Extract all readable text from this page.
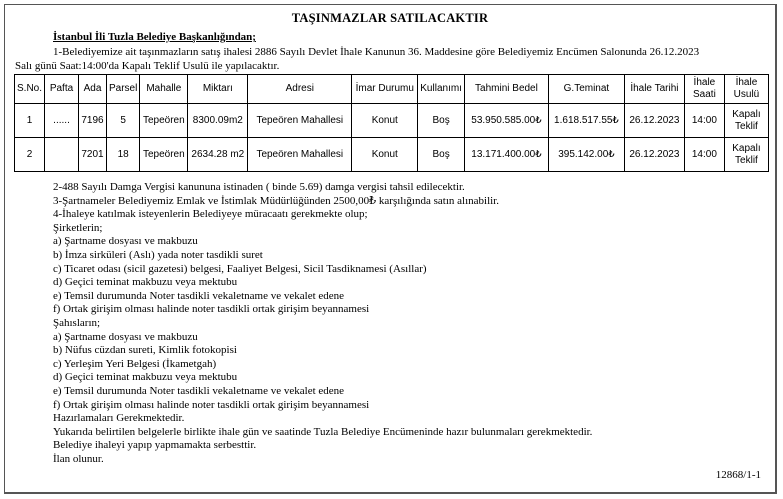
TAŞINMAZLAR SATILACAKTIR
İstanbul İli Tuzla Belediye Başkanlığından;
1-Belediyemize ait taşınmazların satış ihalesi 2886 Sayılı Devlet İhale Kanunun 36. Maddesine göre Belediyemiz Encümen Salonunda 26.12.2023
Salı günü Saat:14:00'da Kapalı Teklif Usulü ile yapılacaktır.
S.No.	Pafta	Ada	Parsel	Mahalle	Miktarı	Adresi	İmar Durumu	Kullanımı	Tahmini Bedel	G.Teminat	İhale Tarihi	İhale Saati	İhale Usulü
1	......	7196	5	Tepeören	8300.09m2	Tepeören Mahallesi	Konut	Boş	53.950.585.00₺	1.618.517.55₺	26.12.2023	14:00	Kapalı Teklif
2		7201	18	Tepeören	2634.28 m2	Tepeören Mahallesi	Konut	Boş	13.171.400.00₺	395.142.00₺	26.12.2023	14:00	Kapalı Teklif
2-488 Sayılı Damga Vergisi kanununa istinaden ( binde 5.69) damga vergisi tahsil edilecektir.
3-Şartnameler Belediyemiz Emlak ve İstimlak Müdürlüğünden 2500,00₺ karşılığında satın alınabilir.
4-İhaleye katılmak isteyenlerin Belediyeye müracaatı gerekmekte olup;
Şirketlerin;
a) Şartname dosyası ve makbuzu
b) İmza sirküleri (Aslı) yada noter tasdikli suret
c) Ticaret odası (sicil gazetesi) belgesi, Faaliyet Belgesi, Sicil Tasdiknamesi (Asıllar)
d) Geçici teminat makbuzu veya mektubu
e) Temsil durumunda Noter tasdikli vekaletname ve vekalet edene
f) Ortak girişim olması halinde noter tasdikli ortak girişim beyannamesi
Şahısların;
a) Şartname dosyası ve makbuzu
b) Nüfus cüzdan sureti, Kimlik fotokopisi
c) Yerleşim Yeri Belgesi (İkametgah)
d) Geçici teminat makbuzu veya mektubu
e) Temsil durumunda Noter tasdikli vekaletname ve vekalet edene
f) Ortak girişim olması halinde noter tasdikli ortak girişim beyannamesi
Hazırlamaları Gerekmektedir.
Yukarıda belirtilen belgelerle birlikte ihale gün ve saatinde Tuzla Belediye Encümeninde hazır bulunmaları gerekmektedir.
Belediye ihaleyi yapıp yapmamakta serbesttir.
İlan olunur.
12868/1-1
